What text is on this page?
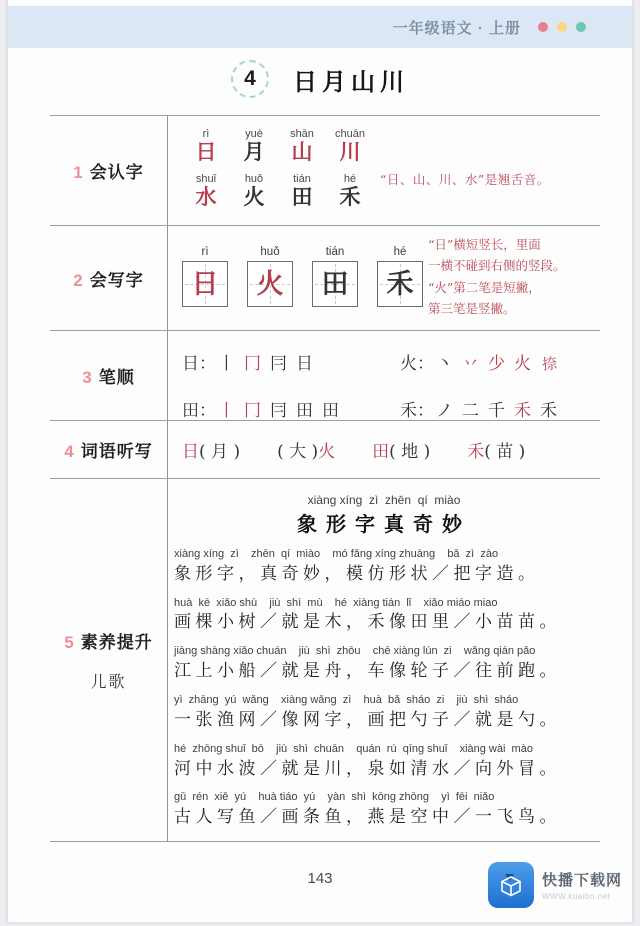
一年级语文 · 上册
4	日月山川
1 会认字
rì
日
yuè
月
shān
山
chuān
川
shuǐ
水
huǒ
火
tián
田
hé
禾
“日、山、川、水”是翘舌音。
2 会写字
rì
日
huǒ
火
tián
田
hé
禾
“日”横短竖长，里面
一横不碰到右侧的竖段。
“火”第二笔是短撇，
第三笔是竖撇。
3 笔顺
日： 丨 冂 冃 日	火： 丶 丷 少 火 捺
田： 丨 冂 冃 田 田	禾： ノ 二 千 禾 禾
4 词语听写 日( 月 ) ( 大 )火 田( 地 ) 禾( 苗 )
5 素养提升
儿歌
xiàng xíng  zì  zhēn  qí  miào
象形字真奇妙
xiàng xíng  zì    zhēn  qí  miào    mó fǎng xíng zhuàng    bǎ  zì  zào
象形字，真奇妙，模仿形状／把字造。
huà  kē  xiǎo shù    jiù  shì  mù    hé  xiàng tián  lǐ    xiǎo miáo miao
画棵小树／就是木，禾像田里／小苗苗。
jiāng shàng xiǎo chuán    jiù  shì  zhōu    chē xiàng lún  zi    wǎng qián pǎo
江上小船／就是舟，车像轮子／往前跑。
yì  zhāng  yú  wǎng    xiàng wǎng  zì    huà  bǎ  sháo  zi    jiù  shì  sháo
一张渔网／像网字，画把勺子／就是勺。
hé  zhōng shuǐ  bō    jiù  shì  chuān    quán  rú  qīng shuǐ    xiàng wài  mào
河中水波／就是川，泉如清水／向外冒。
gǔ  rén  xiě  yú    huà tiáo  yú    yàn  shì  kōng zhōng    yì  fēi  niǎo
古人写鱼／画条鱼，燕是空中／一飞鸟。
143	快播下载网
WWW.kuaibo.net
